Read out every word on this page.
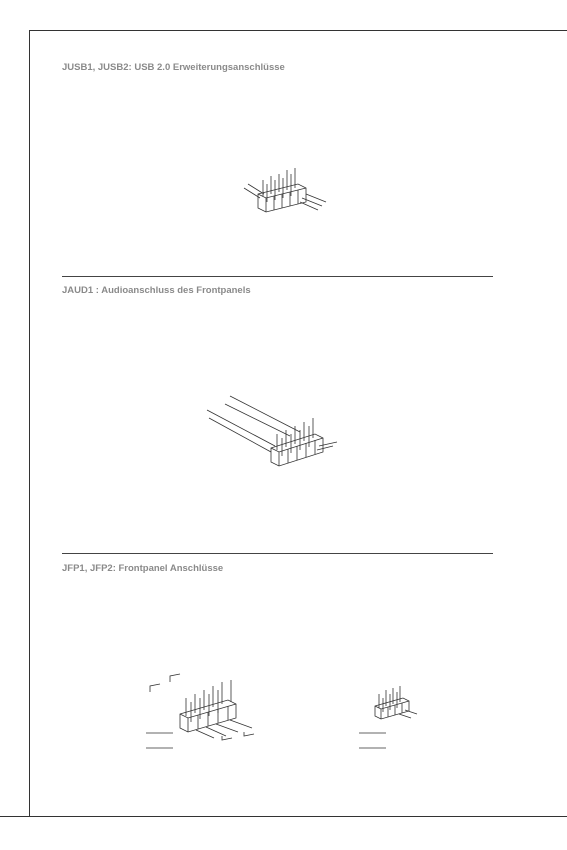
JUSB1, JUSB2: USB 2.0 Erweiterungsanschlüsse
JAUD1 : Audioanschluss des Frontpanels
JFP1, JFP2: Frontpanel Anschlüsse
